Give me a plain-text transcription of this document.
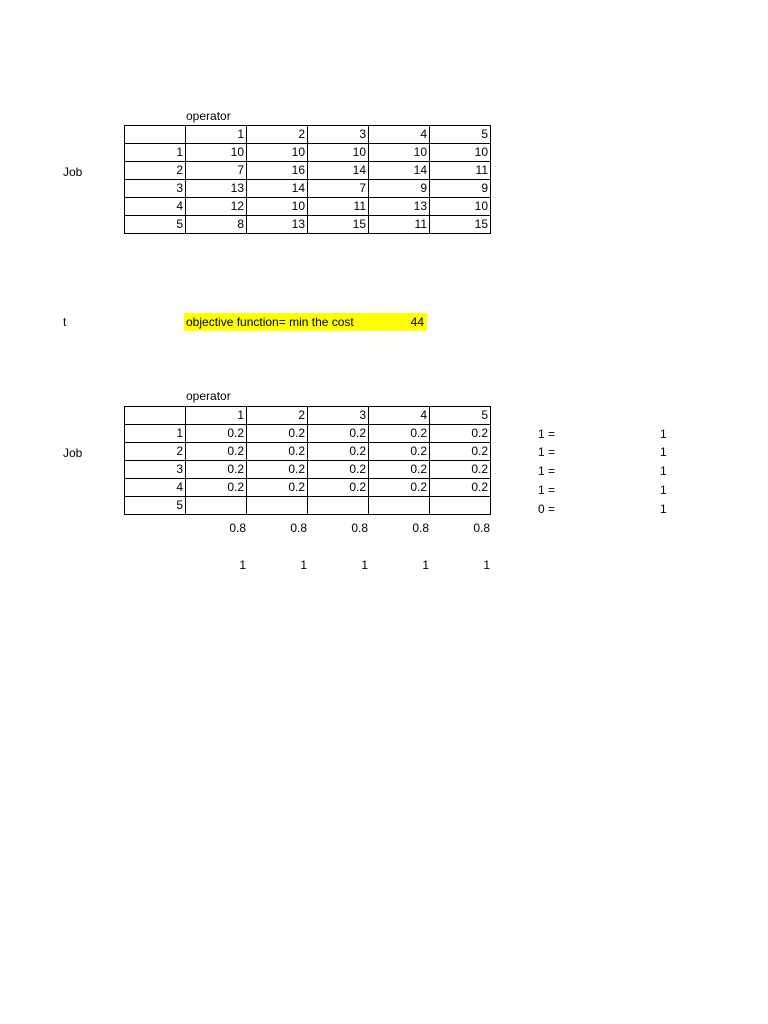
operator
Job
	1	2	3	4	5
1	10	10	10	10	10
2	7	16	14	14	11
3	13	14	7	9	9
4	12	10	11	13	10
5	8	13	15	11	15
t	objective function= min the cost	44
operator
Job
	1	2	3	4	5
1	0.2	0.2	0.2	0.2	0.2
2	0.2	0.2	0.2	0.2	0.2
3	0.2	0.2	0.2	0.2	0.2
4	0.2	0.2	0.2	0.2	0.2
5					
0.8	0.8	0.8	0.8	0.8
1	1	1	1	1
1 =	1
1 =	1
1 =	1
1 =	1
0 =	1
